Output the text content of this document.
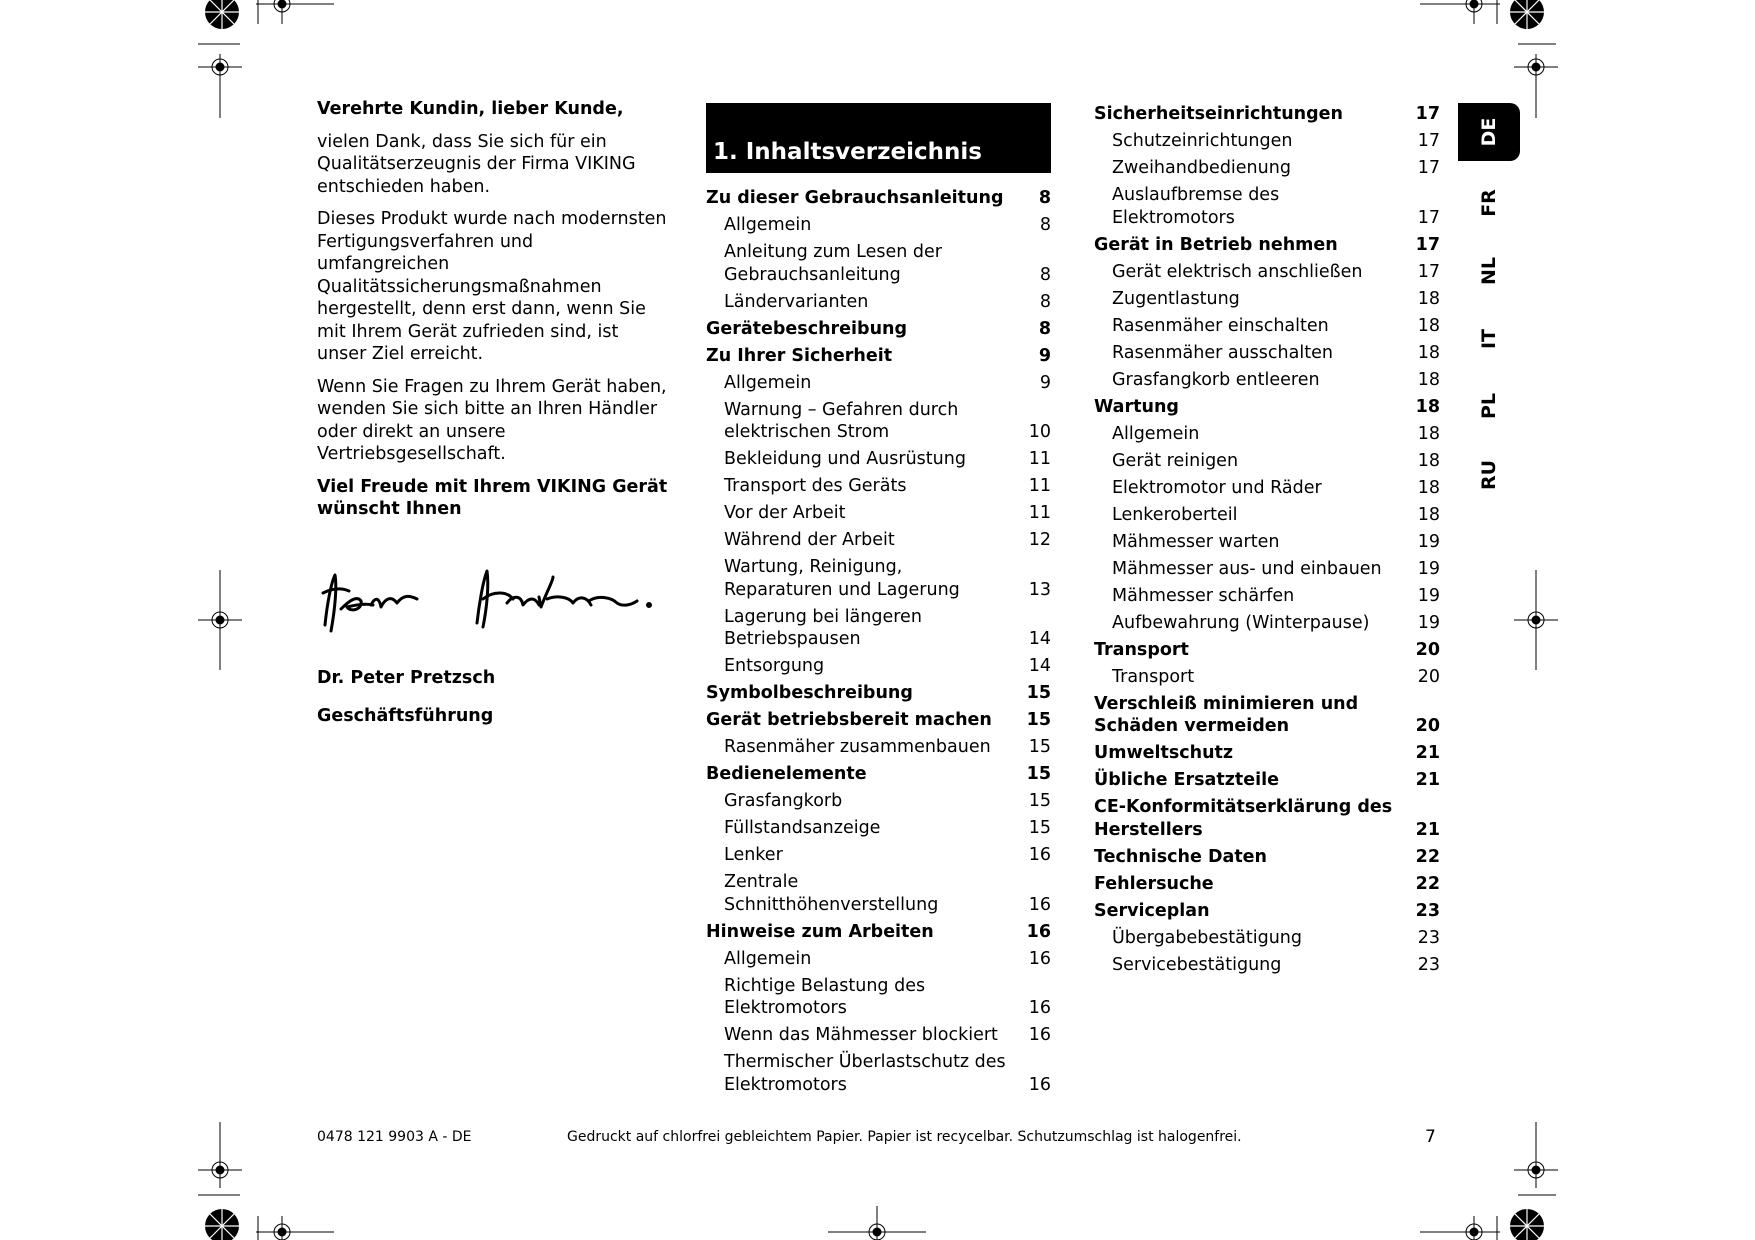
Verehrte Kundin, lieber Kunde,

vielen Dank, dass Sie sich für ein Qualitätserzeugnis der Firma VIKING entschieden haben.

Dieses Produkt wurde nach modernsten Fertigungsverfahren und umfangreichen Qualitätssicherungsmaßnahmen hergestellt, denn erst dann, wenn Sie mit Ihrem Gerät zufrieden sind, ist unser Ziel erreicht.

Wenn Sie Fragen zu Ihrem Gerät haben, wenden Sie sich bitte an Ihren Händler oder direkt an unsere Vertriebsgesellschaft.

Viel Freude mit Ihrem VIKING Gerät wünscht Ihnen

Dr. Peter Pretzsch

Geschäftsführung

1. Inhaltsverzeichnis
Zu dieser Gebrauchsanleitung	8
Allgemein	8
Anleitung zum Lesen der Gebrauchsanleitung	8
Ländervarianten	8
Gerätebeschreibung	8
Zu Ihrer Sicherheit	9
Allgemein	9
Warnung – Gefahren durch elektrischen Strom	10
Bekleidung und Ausrüstung	11
Transport des Geräts	11
Vor der Arbeit	11
Während der Arbeit	12
Wartung, Reinigung, Reparaturen und Lagerung	13
Lagerung bei längeren Betriebspausen	14
Entsorgung	14
Symbolbeschreibung	15
Gerät betriebsbereit machen	15
Rasenmäher zusammenbauen	15
Bedienelemente	15
Grasfangkorb	15
Füllstandsanzeige	15
Lenker	16
Zentrale Schnitthöhenverstellung	16
Hinweise zum Arbeiten	16
Allgemein	16
Richtige Belastung des Elektromotors	16
Wenn das Mähmesser blockiert	16
Thermischer Überlastschutz des Elektromotors	16
Sicherheitseinrichtungen	17
Schutzeinrichtungen	17
Zweihandbedienung	17
Auslaufbremse des Elektromotors	17
Gerät in Betrieb nehmen	17
Gerät elektrisch anschließen	17
Zugentlastung	18
Rasenmäher einschalten	18
Rasenmäher ausschalten	18
Grasfangkorb entleeren	18
Wartung	18
Allgemein	18
Gerät reinigen	18
Elektromotor und Räder	18
Lenkeroberteil	18
Mähmesser warten	19
Mähmesser aus- und einbauen	19
Mähmesser schärfen	19
Aufbewahrung (Winterpause)	19
Transport	20
Transport	20
Verschleiß minimieren und Schäden vermeiden	20
Umweltschutz	21
Übliche Ersatzteile	21
CE-Konformitätserklärung des Herstellers	21
Technische Daten	22
Fehlersuche	22
Serviceplan	23
Übergabebestätigung	23
Servicebestätigung	23
DE
FR
NL
IT
PL
RU
0478 121 9903 A - DE	Gedruckt auf chlorfrei gebleichtem Papier. Papier ist recycelbar. Schutzumschlag ist halogenfrei.	7
